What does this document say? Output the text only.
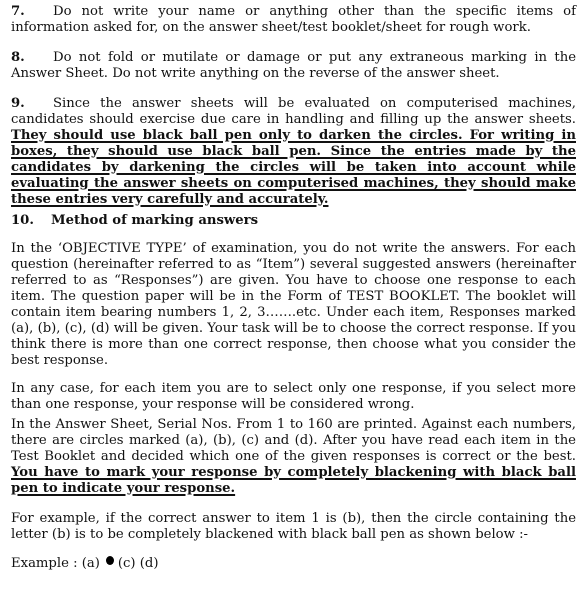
7. Do not write your name or anything other than the specific items of information asked for, on the answer sheet/test booklet/sheet for rough work.

8. Do not fold or mutilate or damage or put any extraneous marking in the Answer Sheet. Do not write anything on the reverse of the answer sheet.

9. Since the answer sheets will be evaluated on computerised machines, candidates should exercise due care in handling and filling up the answer sheets. They should use black ball pen only to darken the circles. For writing in boxes, they should use black ball pen. Since the entries made by the candidates by darkening the circles will be taken into account while evaluating the answer sheets on computerised machines, they should make these entries very carefully and accurately.

10. Method of marking answers

In the ‘OBJECTIVE TYPE’ of examination, you do not write the answers. For each question (hereinafter referred to as “Item”) several suggested answers (hereinafter referred to as “Responses”) are given. You have to choose one response to each item. The question paper will be in the Form of TEST BOOKLET. The booklet will contain item bearing numbers 1, 2, 3…….etc. Under each item, Responses marked (a), (b), (c), (d) will be given. Your task will be to choose the correct response. If you think there is more than one correct response, then choose what you consider the best response.

In any case, for each item you are to select only one response, if you select more than one response, your response will be considered wrong.

In the Answer Sheet, Serial Nos. From 1 to 160 are printed. Against each numbers, there are circles marked (a), (b), (c) and (d). After you have read each item in the Test Booklet and decided which one of the given responses is correct or the best. You have to mark your response by completely blackening with black ball pen to indicate your response.

For example, if the correct answer to item 1 is (b), then the circle containing the letter (b) is to be completely blackened with black ball pen as shown below :-

Example : (a) (c) (d)
